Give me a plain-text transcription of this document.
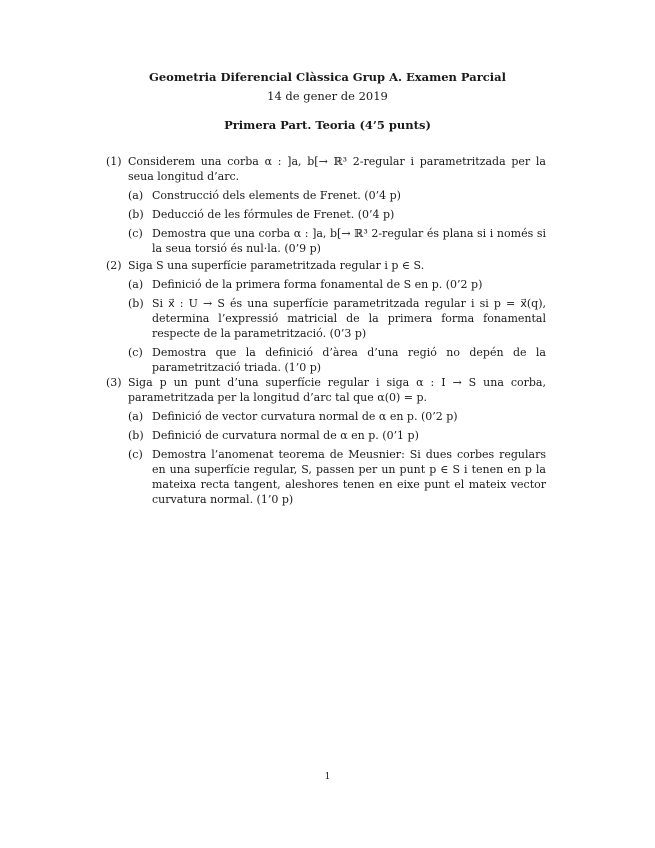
Geometria Diferencial Clàssica Grup A. Examen Parcial
14 de gener de 2019
Primera Part. Teoria (4’5 punts)
(1) Considerem una corba α : ]a, b[→ ℝ³ 2-regular i parametritzada per la seua longitud d’arc.
(a) Construcció dels elements de Frenet. (0’4 p)
(b) Deducció de les fórmules de Frenet. (0’4 p)
(c) Demostra que una corba α : ]a, b[→ ℝ³ 2-regular és plana si i només si la seua torsió és nul·la. (0’9 p)
(2) Siga S una superfície parametritzada regular i p ∈ S.
(a) Definició de la primera forma fonamental de S en p. (0’2 p)
(b) Si x⃗ : U → S és una superfície parametritzada regular i si p = x⃗(q), determina l’expressió matricial de la primera forma fonamental respecte de la parametrització. (0’3 p)
(c) Demostra que la definició d’àrea d’una regió no depén de la parametrització triada. (1’0 p)
(3) Siga p un punt d’una superfície regular i siga α : I → S una corba, parametritzada per la longitud d’arc tal que α(0) = p.
(a) Definició de vector curvatura normal de α en p. (0’2 p)
(b) Definició de curvatura normal de α en p. (0’1 p)
(c) Demostra l’anomenat teorema de Meusnier: Si dues corbes regulars en una superfície regular, S, passen per un punt p ∈ S i tenen en p la mateixa recta tangent, aleshores tenen en eixe punt el mateix vector curvatura normal. (1’0 p)
1
